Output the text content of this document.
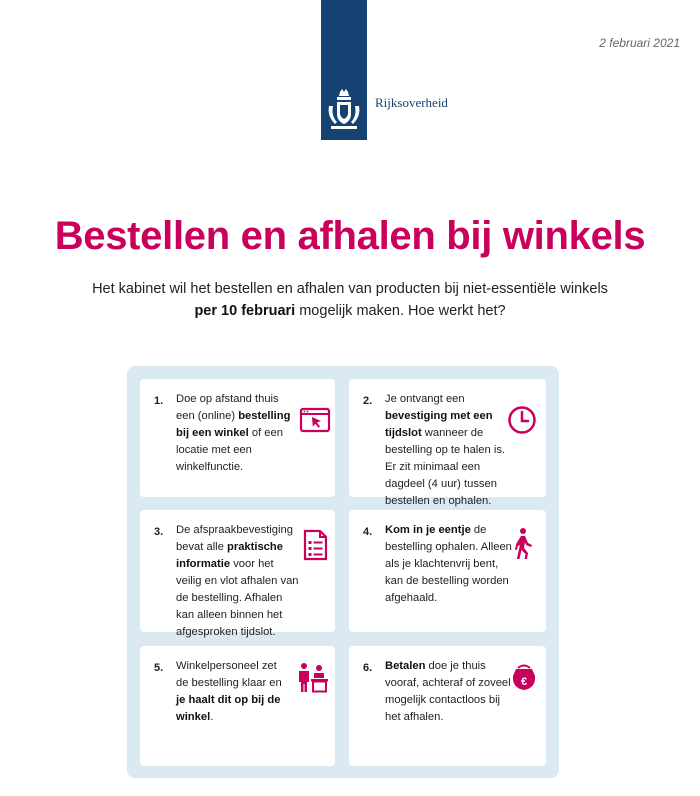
2 februari 2021
Rijksoverheid
Bestellen en afhalen bij winkels
Het kabinet wil het bestellen en afhalen van producten bij niet-essentiële winkels
per 10 februari mogelijk maken. Hoe werkt het?
1. Doe op afstand thuis een (online) bestelling bij een winkel of een locatie met een winkelfunctie.
2. Je ontvangt een bevestiging met een tijdslot wanneer de bestelling op te halen is. Er zit minimaal een dagdeel (4 uur) tussen bestellen en ophalen.
3. De afspraakbevestiging bevat alle praktische informatie voor het veilig en vlot afhalen van de bestelling. Afhalen kan alleen binnen het afgesproken tijdslot.
4. Kom in je eentje de bestelling ophalen. Alleen als je klachtenvrij bent, kan de bestelling worden afgehaald.
5. Winkelpersoneel zet de bestelling klaar en je haalt dit op bij de winkel.
6. Betalen doe je thuis vooraf, achteraf of zoveel mogelijk contactloos bij het afhalen.
€
